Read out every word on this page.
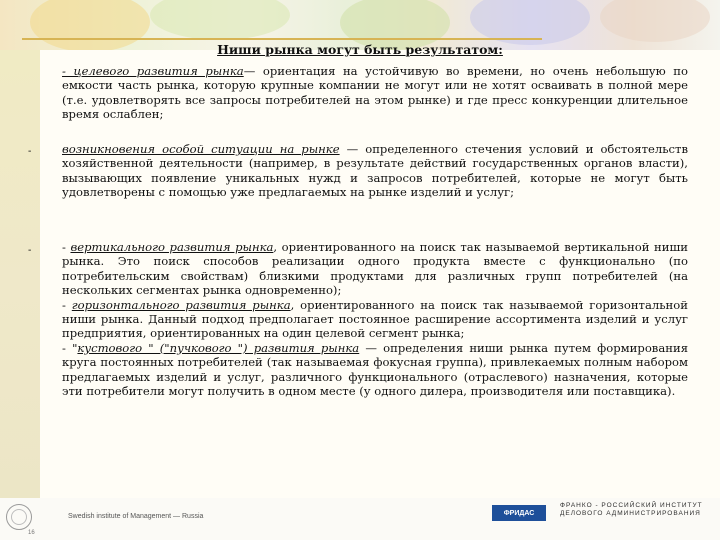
Ниши рынка могут быть результатом:
- целевого развития рынка— ориентация на устойчивую во времени, но очень небольшую по емкости часть рынка, которую крупные компании не могут или не хотят осваивать в полной мере (т.е. удовлетворять все запросы потребителей на этом рынке) и где пресс конкуренции длительное время ослаблен;
-	возникновения особой ситуации на рынке — определенного стечения условий и обстоятельств хозяйственной деятельности (например, в результате действий государственных органов власти), вызывающих появление уникальных нужд и запросов потребителей, которые не могут быть удовлетворены с помощью уже предлагаемых на рынке изделий и услуг;
-	- вертикального развития рынка, ориентированного на поиск так называемой вертикальной ниши рынка. Это поиск способов реализации одного продукта вместе с функционально (по потребительским свойствам) близкими продуктами для различных групп потребителей (на нескольких сегментах рынка одновременно);
- горизонтального развития рынка, ориентированного на поиск так называемой горизонтальной ниши рынка. Данный подход предполагает постоянное расширение ассортимента изделий и услуг предприятия, ориентированных на один целевой сегмент рынка;
- "кустового " ("пучкового ") развития рынка — определения ниши рынка путем формирования круга постоянных потребителей (так называемая фокусная группа), привлекаемых полным набором предлагаемых изделий и услуг, различного функционального (отраслевого) назначения, которые эти потребители могут получить в одном месте (у одного дилера, производителя или поставщика).
Swedish institute of Management — Russia
16
ФРИДАС
ФРАНКО - РОССИЙСКИЙ ИНСТИТУТ ДЕЛОВОГО АДМИНИСТРИРОВАНИЯ
